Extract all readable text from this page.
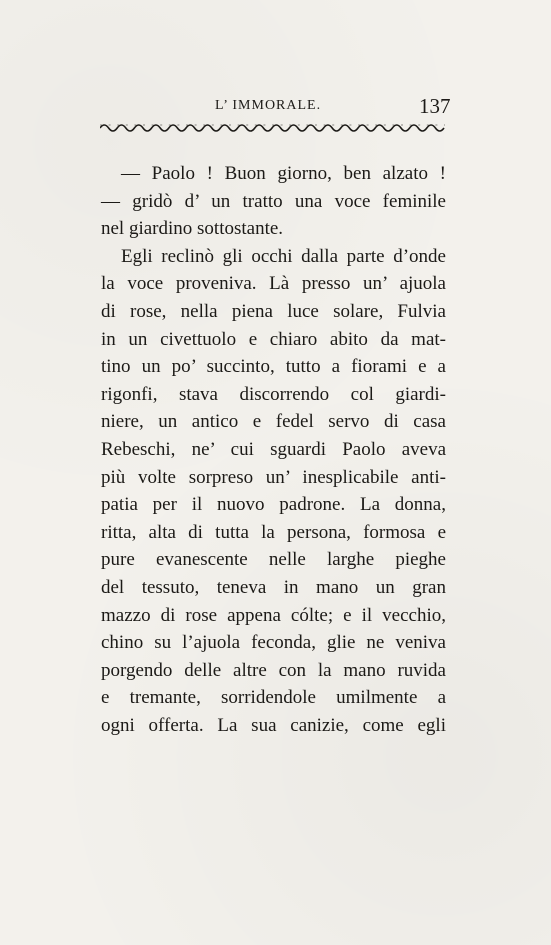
L’ IMMORALE.	137
— Paolo ! Buon giorno, ben alzato !
— gridò d’ un tratto una voce feminile
nel giardino sottostante.
Egli reclinò gli occhi dalla parte d’onde
la voce proveniva. Là presso un’ ajuola
di rose, nella piena luce solare, Fulvia
in un civettuolo e chiaro abito da mat-
tino un po’ succinto, tutto a fiorami e a
rigonfi, stava discorrendo col giardi-
niere, un antico e fedel servo di casa
Rebeschi, ne’ cui sguardi Paolo aveva
più volte sorpreso un’ inesplicabile anti-
patia per il nuovo padrone. La donna,
ritta, alta di tutta la persona, formosa e
pure evanescente nelle larghe pieghe
del tessuto, teneva in mano un gran
mazzo di rose appena cólte; e il vecchio,
chino su l’ajuola feconda, glie ne veniva
porgendo delle altre con la mano ruvida
e tremante, sorridendole umilmente a
ogni offerta. La sua canizie, come egli
